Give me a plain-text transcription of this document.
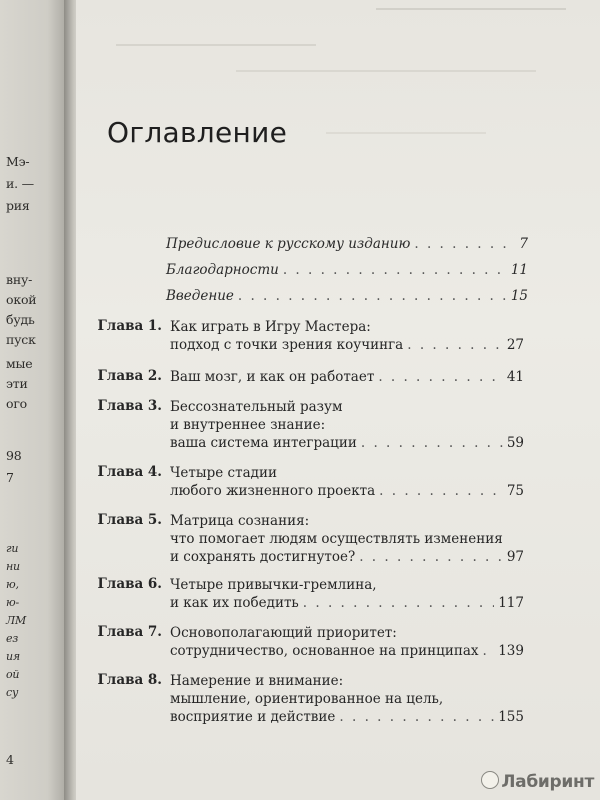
Мэ-
и. —
рия
вну-
окой
будь
пуск
мые
эти
ого
98
7
ги
ни
ю,
ю-
ЛМ
ез
ия
ой
су
4
Оглавление
Предисловие к русскому изданию . . .	7
Благодарности . . .	11
Введение . . .	15
Глава 1. Как играть в Игру Мастера:
подход с точки зрения коучинга . . .	27
Глава 2. Ваш мозг, и как он работает . . .	41
Глава 3. Бессознательный разум
и внутреннее знание:
ваша система интеграции . . .	59
Глава 4. Четыре стадии
любого жизненного проекта . . .	75
Глава 5. Матрица сознания:
что помогает людям осуществлять изменения
и сохранять достигнутое? . . .	97
Глава 6. Четыре привычки-гремлина,
и как их победить . . .	117
Глава 7. Основополагающий приоритет:
сотрудничество, основанное на принципах . . . 139
Глава 8. Намерение и внимание:
мышление, ориентированное на цель,
восприятие и действие . . .	155
Лабиринт
